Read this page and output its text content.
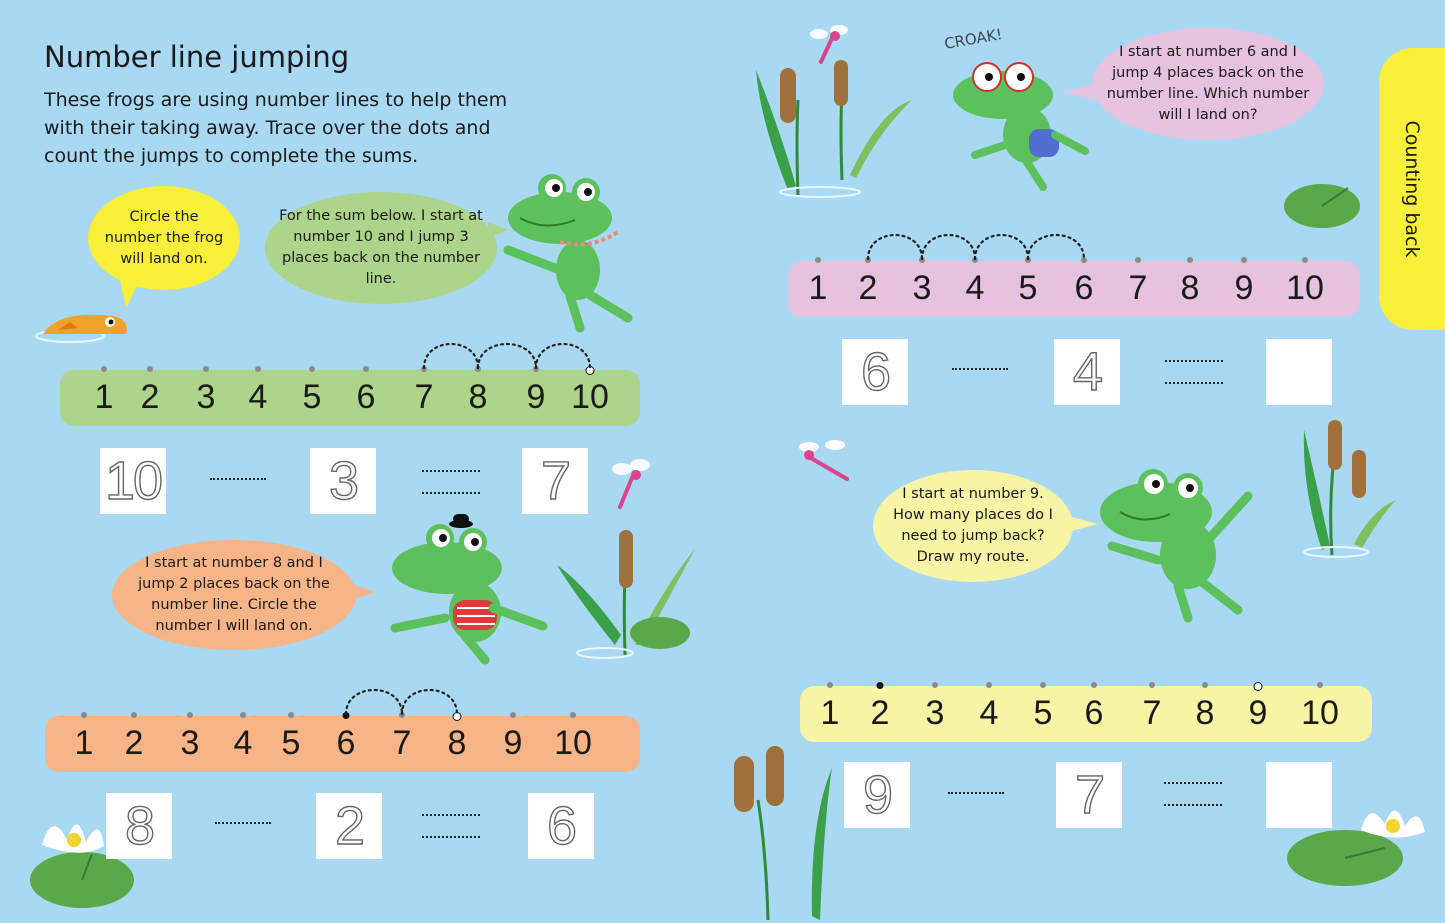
Number line jumping
These frogs are using number lines to help them with their taking away. Trace over the dots and count the jumps to complete the sums.	Counting back
CROAK!
Circle the number the frog will land on.
For the sum below. I start at number 10 and I jump 3 places back on the number line.
I start at number 8 and I jump 2 places back on the number line. Circle the number I will land on.
I start at number 6 and I jump 4 places back on the number line. Which number will I land on?
I start at number 9. How many places do I need to jump back? Draw my route.
1 2	3 4	5	6	7	8	9 10
10	3	7
1 2	3	4 5	6	7	8	9 10
8	2	6
1 2	3	4	5	6	7 8	9 10
6	4
1 2	3	4	5 6	7	8	9 10
9	7
